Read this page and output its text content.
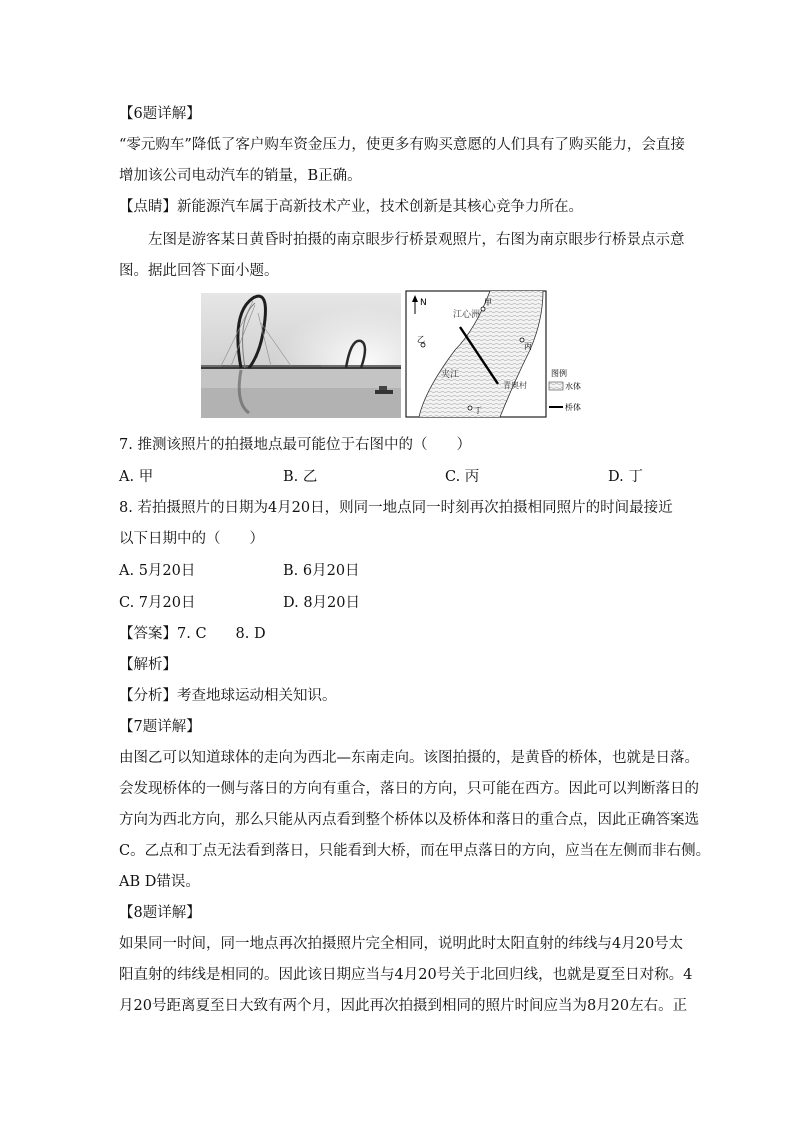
【6题详解】
“零元购车”降低了客户购车资金压力，使更多有购买意愿的人们具有了购买能力，会直接
增加该公司电动汽车的销量，B正确。
【点睛】新能源汽车属于高新技术产业，技术创新是其核心竞争力所在。
左图是游客某日黄昏时拍摄的南京眼步行桥景观照片，右图为南京眼步行桥景点示意
图。据此回答下面小题。
N	甲
江心洲
乙
丙
夹江
青奥村
丁
图例
水体
桥体
7. 推测该照片的拍摄地点最可能位于右图中的（　　）
A. 甲	B. 乙	C. 丙	D. 丁
8. 若拍摄照片的日期为4月20日，则同一地点同一时刻再次拍摄相同照片的时间最接近
以下日期中的（　　）
A. 5月20日	B. 6月20日
C. 7月20日	D. 8月20日
【答案】7. C　　8. D
【解析】
【分析】考查地球运动相关知识。
【7题详解】
由图乙可以知道球体的走向为西北—东南走向。该图拍摄的，是黄昏的桥体，也就是日落。
会发现桥体的一侧与落日的方向有重合，落日的方向，只可能在西方。因此可以判断落日的
方向为西北方向，那么只能从丙点看到整个桥体以及桥体和落日的重合点，因此正确答案选
C。乙点和丁点无法看到落日，只能看到大桥，而在甲点落日的方向，应当在左侧而非右侧。
AB D错误。
【8题详解】
如果同一时间，同一地点再次拍摄照片完全相同，说明此时太阳直射的纬线与4月20号太
阳直射的纬线是相同的。因此该日期应当与4月20号关于北回归线，也就是夏至日对称。4
月20号距离夏至日大致有两个月，因此再次拍摄到相同的照片时间应当为8月20左右。正
